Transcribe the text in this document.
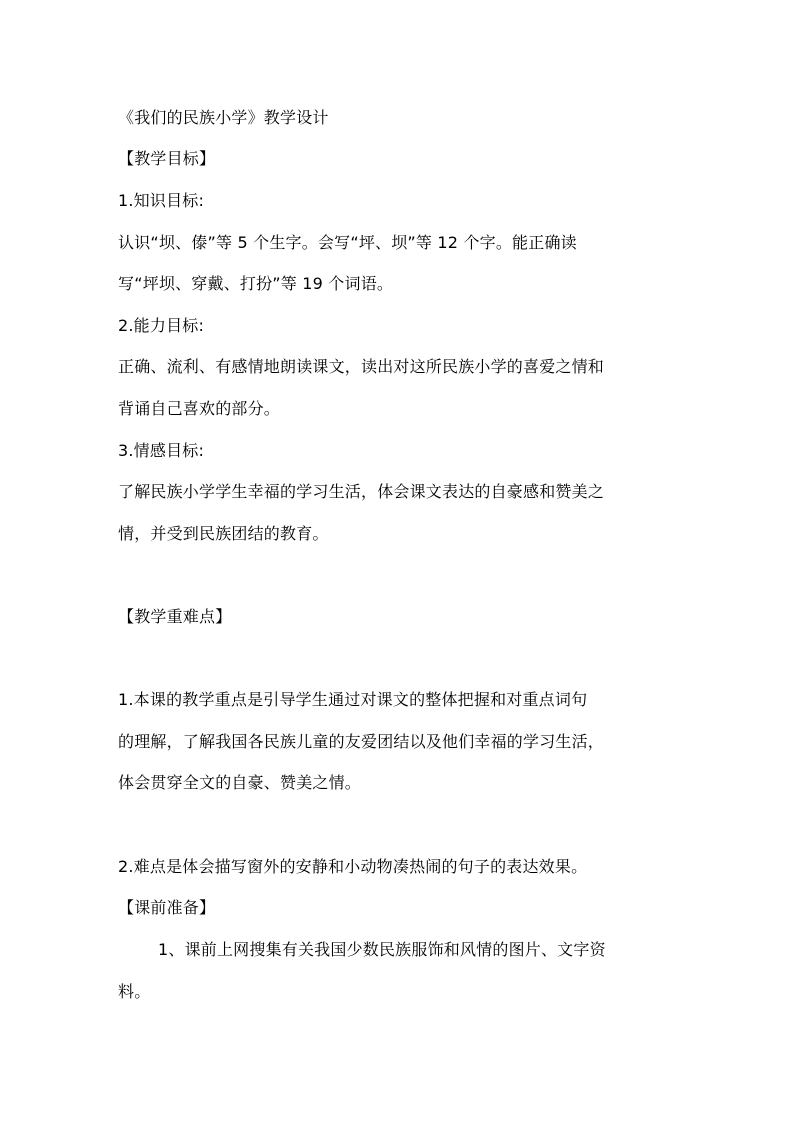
《我们的民族小学》教学设计
【教学目标】
1.知识目标:
认识“坝、傣”等 5 个生字。会写“坪、坝”等 12 个字。能正确读
写“坪坝、穿戴、打扮”等 19 个词语。
2.能力目标:
正确、流利、有感情地朗读课文，读出对这所民族小学的喜爱之情和
背诵自己喜欢的部分。
3.情感目标:
了解民族小学学生幸福的学习生活，体会课文表达的自豪感和赞美之
情，并受到民族团结的教育。
【教学重难点】
1.本课的教学重点是引导学生通过对课文的整体把握和对重点词句
的理解，了解我国各民族儿童的友爱团结以及他们幸福的学习生活，
体会贯穿全文的自豪、赞美之情。
2.难点是体会描写窗外的安静和小动物凑热闹的句子的表达效果。
【课前准备】
1、课前上网搜集有关我国少数民族服饰和风情的图片、文字资
料。
